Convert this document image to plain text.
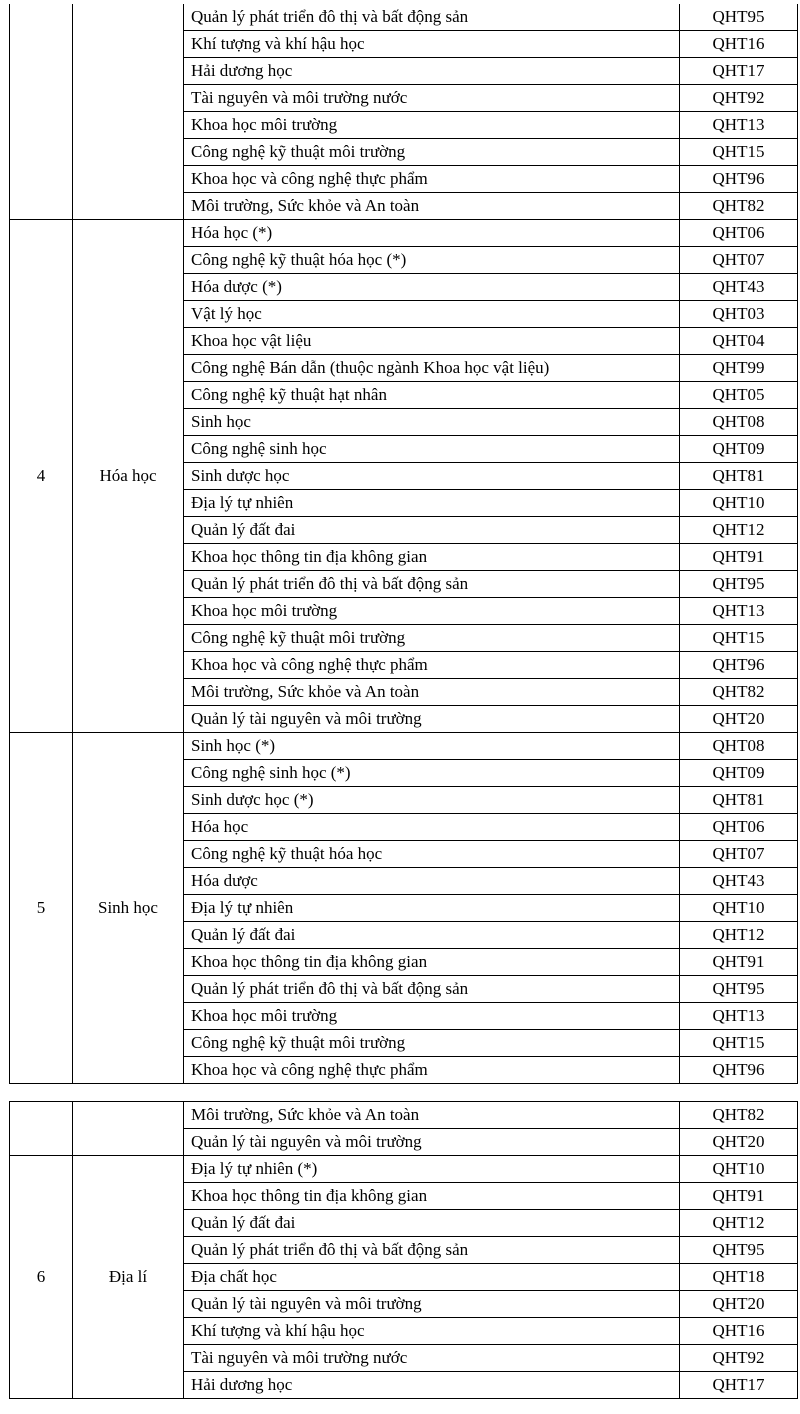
		Quản lý phát triển đô thị và bất động sản	QHT95
		Khí tượng và khí hậu học	QHT16
		Hải dương học	QHT17
		Tài nguyên và môi trường nước	QHT92
		Khoa học môi trường	QHT13
		Công nghệ kỹ thuật môi trường	QHT15
		Khoa học và công nghệ thực phẩm	QHT96
		Môi trường, Sức khỏe và An toàn	QHT82
4	Hóa học	Hóa học (*)	QHT06
		Công nghệ kỹ thuật hóa học (*)	QHT07
		Hóa dược (*)	QHT43
		Vật lý học	QHT03
		Khoa học vật liệu	QHT04
		Công nghệ Bán dẫn (thuộc ngành Khoa học vật liệu)	QHT99
		Công nghệ kỹ thuật hạt nhân	QHT05
		Sinh học	QHT08
		Công nghệ sinh học	QHT09
		Sinh dược học	QHT81
		Địa lý tự nhiên	QHT10
		Quản lý đất đai	QHT12
		Khoa học thông tin địa không gian	QHT91
		Quản lý phát triển đô thị và bất động sản	QHT95
		Khoa học môi trường	QHT13
		Công nghệ kỹ thuật môi trường	QHT15
		Khoa học và công nghệ thực phẩm	QHT96
		Môi trường, Sức khỏe và An toàn	QHT82
		Quản lý tài nguyên và môi trường	QHT20
5	Sinh học	Sinh học (*)	QHT08
		Công nghệ sinh học (*)	QHT09
		Sinh dược học (*)	QHT81
		Hóa học	QHT06
		Công nghệ kỹ thuật hóa học	QHT07
		Hóa dược	QHT43
		Địa lý tự nhiên	QHT10
		Quản lý đất đai	QHT12
		Khoa học thông tin địa không gian	QHT91
		Quản lý phát triển đô thị và bất động sản	QHT95
		Khoa học môi trường	QHT13
		Công nghệ kỹ thuật môi trường	QHT15
		Khoa học và công nghệ thực phẩm	QHT96
		Môi trường, Sức khỏe và An toàn	QHT82
		Quản lý tài nguyên và môi trường	QHT20
6	Địa lí	Địa lý tự nhiên (*)	QHT10
		Khoa học thông tin địa không gian	QHT91
		Quản lý đất đai	QHT12
		Quản lý phát triển đô thị và bất động sản	QHT95
		Địa chất học	QHT18
		Quản lý tài nguyên và môi trường	QHT20
		Khí tượng và khí hậu học	QHT16
		Tài nguyên và môi trường nước	QHT92
		Hải dương học	QHT17
